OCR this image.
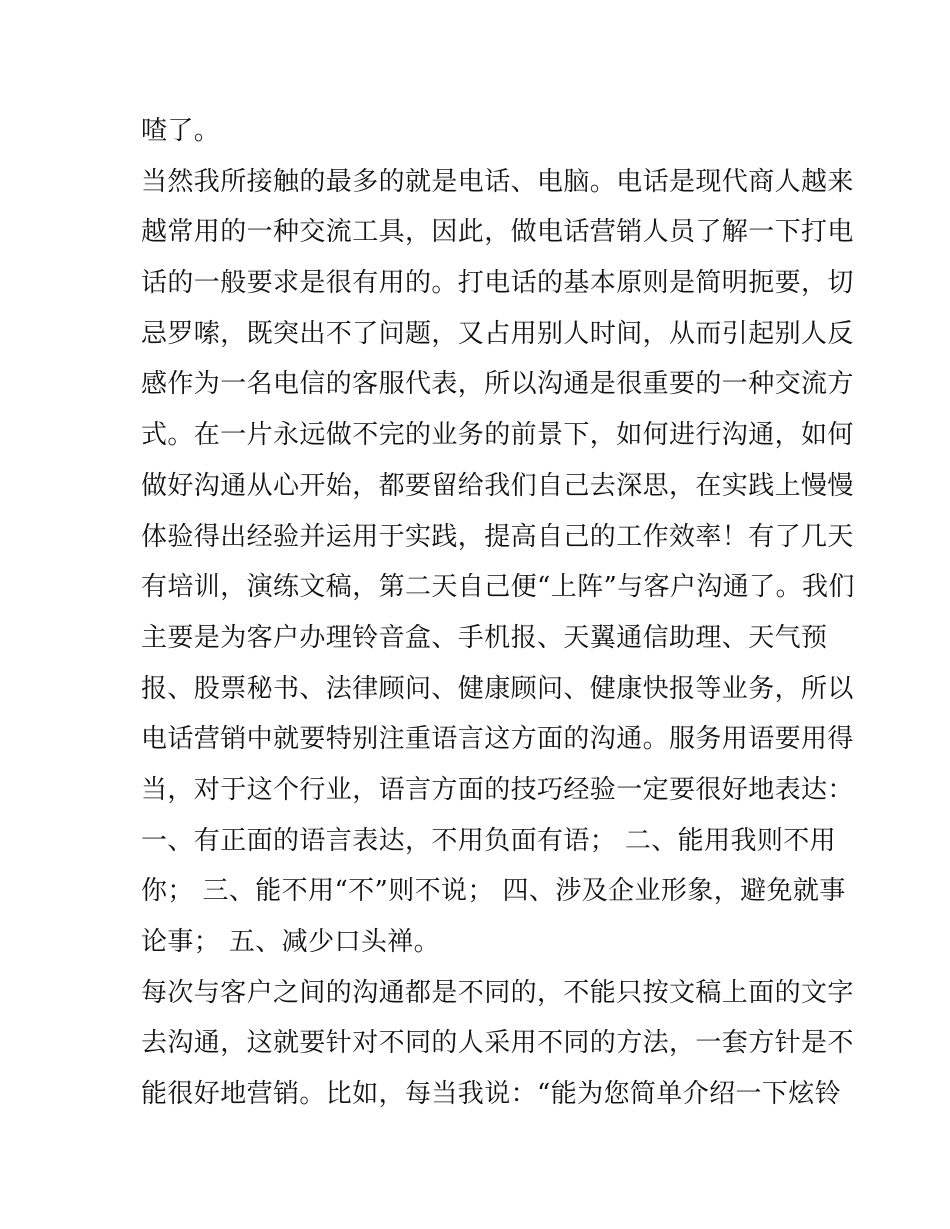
喳了。
当然我所接触的最多的就是电话、电脑。电话是现代商人越来
越常用的一种交流工具，因此，做电话营销人员了解一下打电
话的一般要求是很有用的。打电话的基本原则是简明扼要，切
忌罗嗦，既突出不了问题，又占用别人时间，从而引起别人反
感作为一名电信的客服代表，所以沟通是很重要的一种交流方
式。在一片永远做不完的业务的前景下，如何进行沟通，如何
做好沟通从心开始，都要留给我们自己去深思，在实践上慢慢
体验得出经验并运用于实践，提高自己的工作效率！有了几天
有培训，演练文稿，第二天自己便“上阵”与客户沟通了。我们
主要是为客户办理铃音盒、手机报、天翼通信助理、天气预
报、股票秘书、法律顾问、健康顾问、健康快报等业务，所以
电话营销中就要特别注重语言这方面的沟通。服务用语要用得
当，对于这个行业，语言方面的技巧经验一定要很好地表达：
一、有正面的语言表达，不用负面有语； 二、能用我则不用
你； 三、能不用“不”则不说； 四、涉及企业形象，避免就事
论事； 五、减少口头禅。
每次与客户之间的沟通都是不同的，不能只按文稿上面的文字
去沟通，这就要针对不同的人采用不同的方法，一套方针是不
能很好地营销。比如，每当我说：“能为您简单介绍一下炫铃
